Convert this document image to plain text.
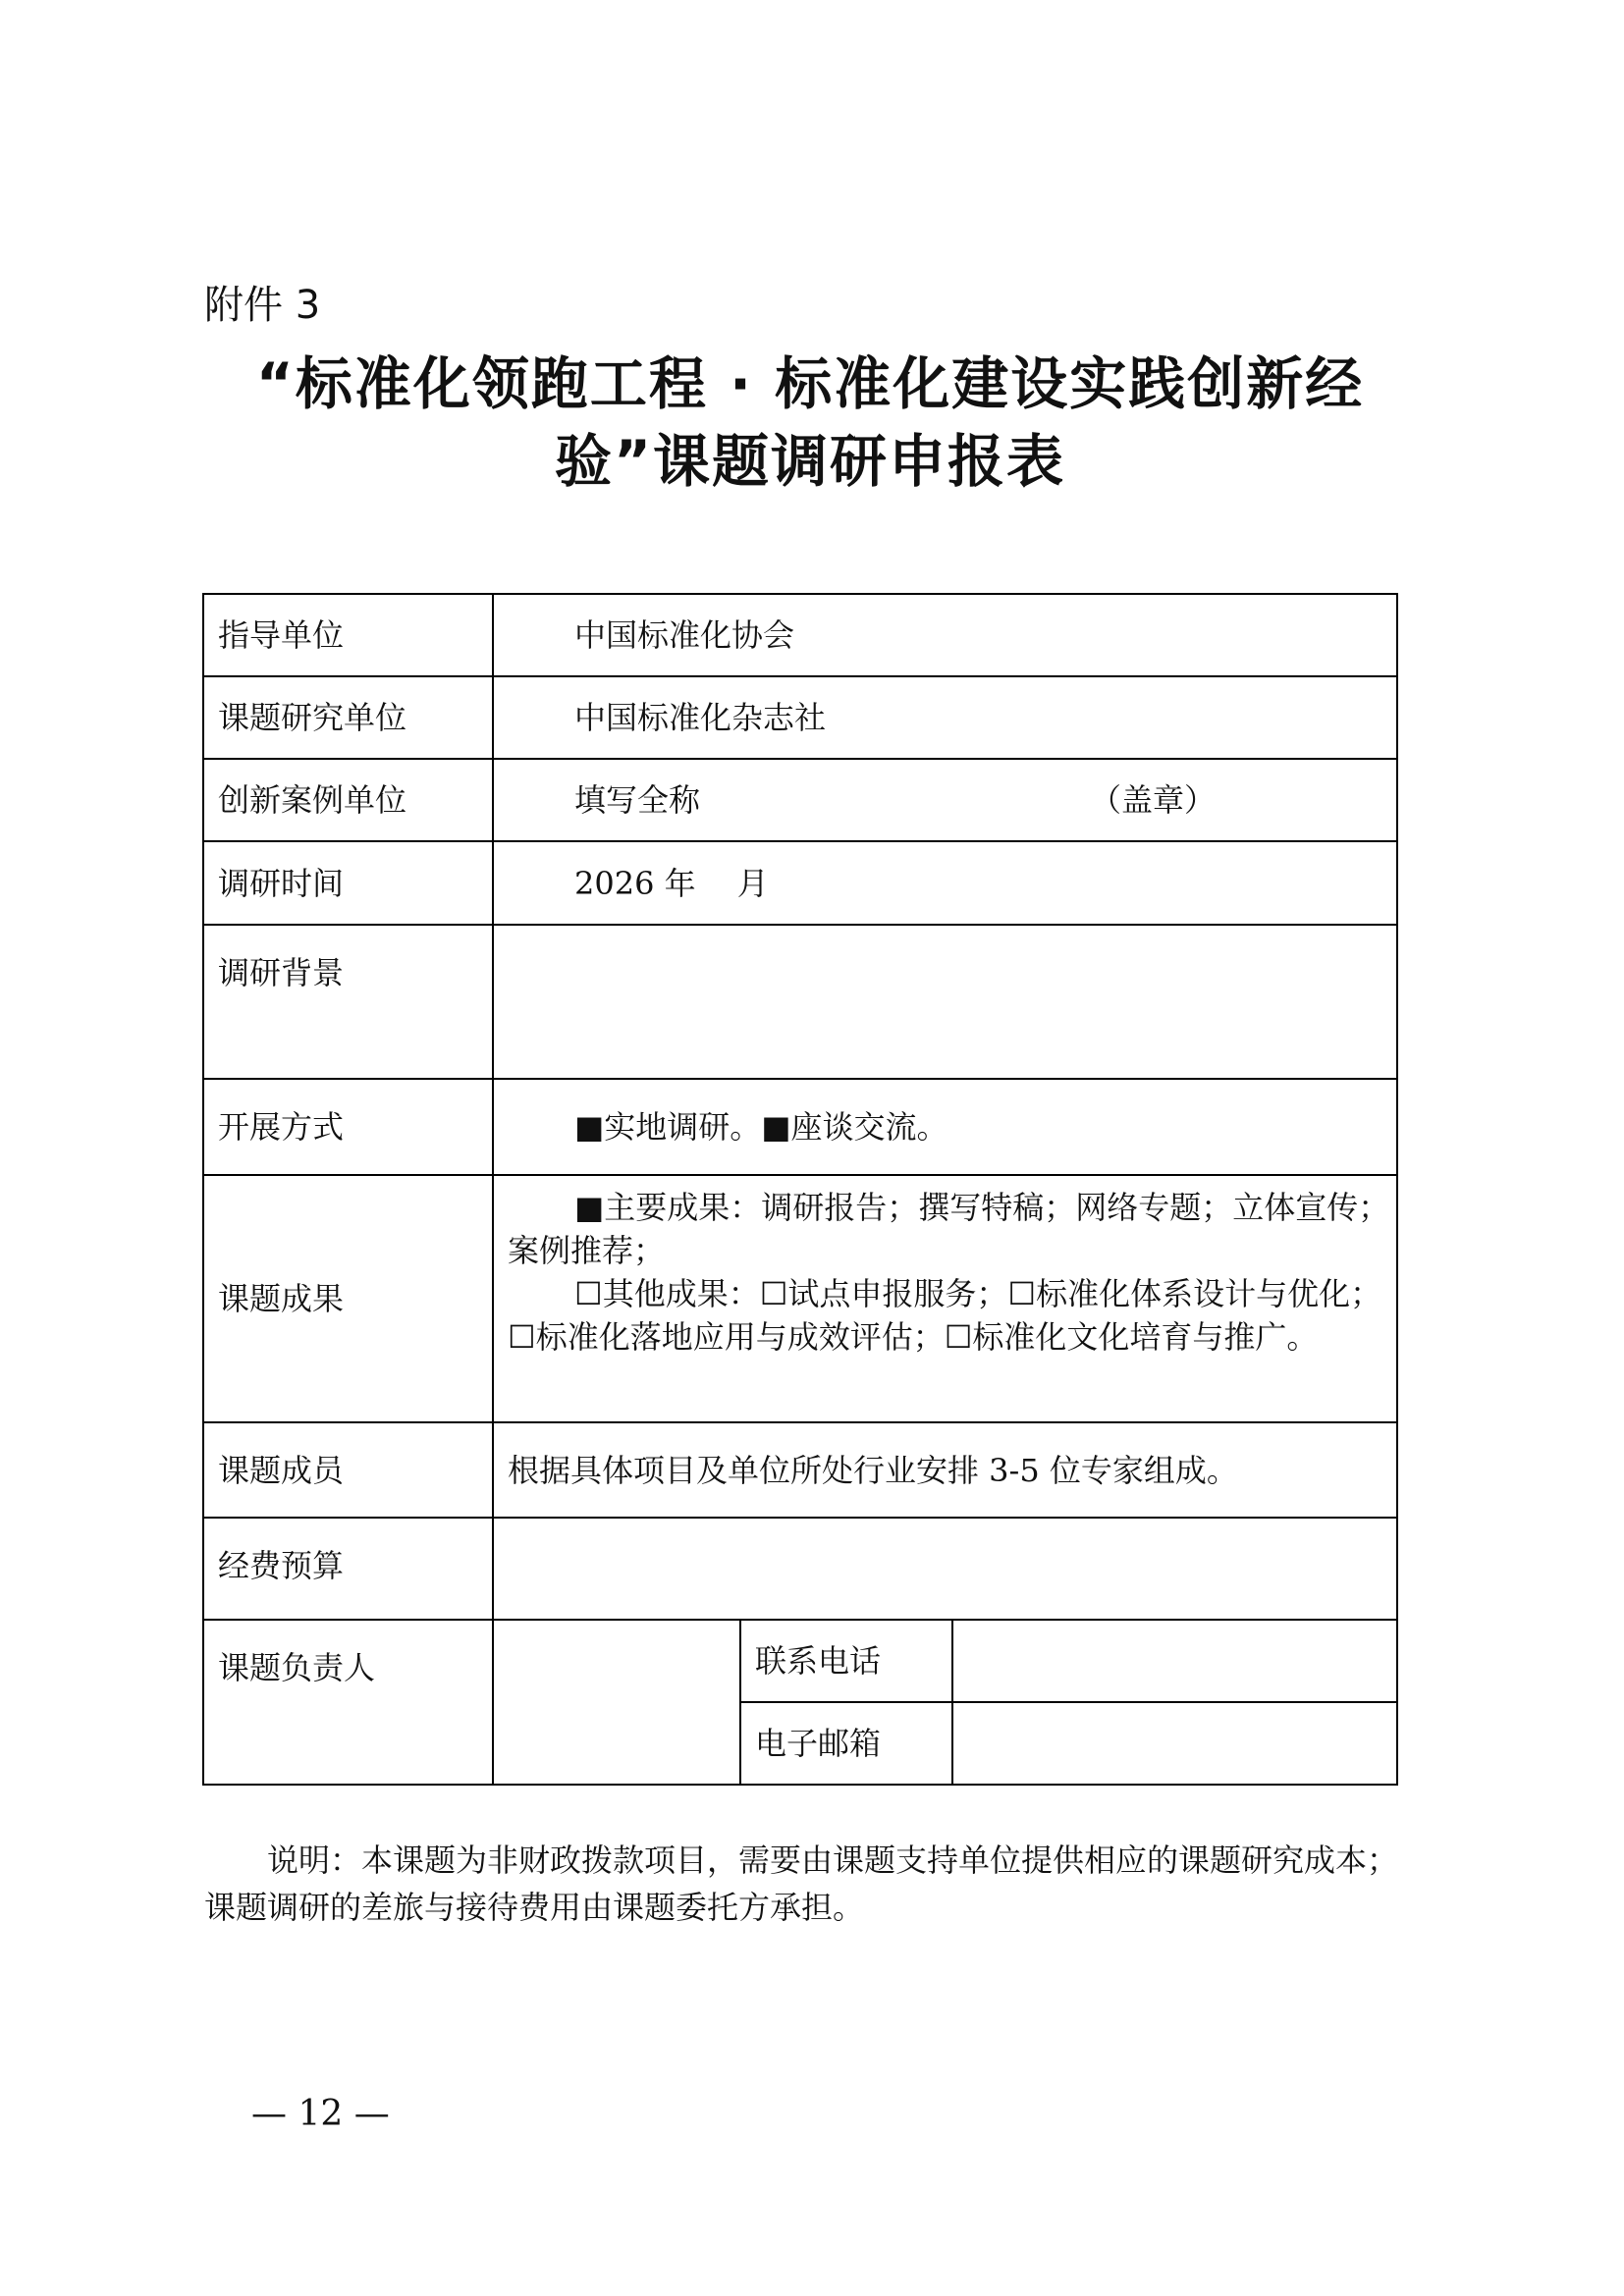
附件 3
“标准化领跑工程 · 标准化建设实践创新经
验”课题调研申报表
指导单位	中国标准化协会		
课题研究单位	中国标准化杂志社		
创新案例单位	填写全称 （盖章）		

调研时间	2026 年　 月		
调研背景			
开展方式	■实地调研。■座谈交流。		
课题成果	■主要成果：调研报告；撰写特稿；网络专题；立体宣传；

案例推荐；

☐其他成果：☐试点申报服务；☐标准化体系设计与优化；

☐标准化落地应用与成效评估；☐标准化文化培育与推广。		

课题成员	根据具体项目及单位所处行业安排 3-5 位专家组成。		
经费预算			
课题负责人		联系电话	
		电子邮箱	

说明：本课题为非财政拨款项目，需要由课题支持单位提供相应的课题研究成本；

课题调研的差旅与接待费用由课题委托方承担。

— 12 —
